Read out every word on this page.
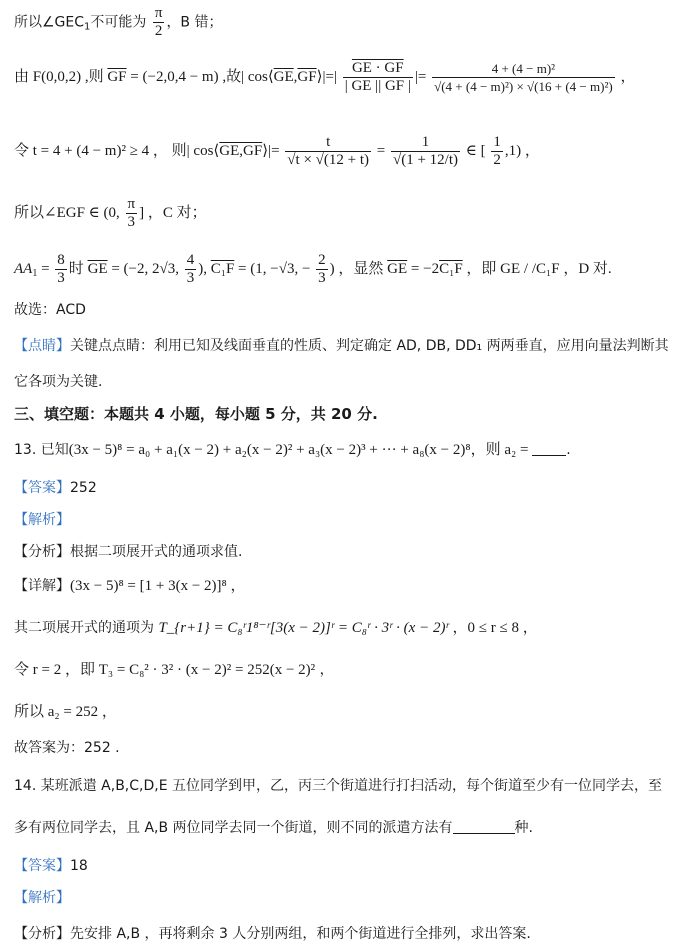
所以$\angle GEC_1$不可能为 $\frac{\pi}{2}$ ，B 错；
由 F(0,0,2) ,则 $\overline{GF} = (-2,0,4 - m)$ ,故| $\cos⟨\overline{GE},\overline{GF}⟩|=| \frac{GE \cdot GF}{| GE || GF |}$ |= $\frac{\text{4 + (4 − m)²}}{\text{√(4 + (4 − m)²) × √(16 + (4 − m)²)}}$ ，
令 t = 4 + (4 − m)² ≥ 4 ， 则| cos⟨GE,GF⟩|= $\frac{t}{√t \times √(12 + t)} = \frac{1}{√(1 + 12/t)}$ ∈ [ $\frac{1}{2} ,1$) ，
所以∠EGF ∈ (0, $\frac{\pi}{3}$ ] ，C 对；
$AA_1 = \frac{8}{3}$ 时 $\overline{GE} = (-2$, 2√3, $\frac{4}{3}$ ), C₁F = (1, −√3, − $\frac{2}{3}$ ) ，显然 $\overline{GE} = -2C_1F$ ，即 GE / /C₁F ，D 对.
故选：ACD
【点睛】关键点点睛：利用已知及线面垂直的性质、判定确定 AD, DB, DD₁ 两两垂直，应用向量法判断其
它各项为关键.
三、填空题：本题共 4 小题，每小题 5 分，共 20 分.
13. 已知(3x − 5)⁸ = a₀ + a₁(x − 2) + a₂(x − 2)² + a₃(x − 2)³ + ··· + a₈(x − 2)⁸，则 a₂ = .
【答案】252
【解析】
【分析】根据二项展开式的通项求值.
【详解】(3x − 5)⁸ = [1 + 3(x − 2)]⁸ ，
其二项展开式的通项为 T_{r+1} = C₈ʳ1⁸⁻ʳ[3(x − 2)]ʳ = C₈ʳ · 3ʳ · (x − 2)ʳ ，0 ≤ r ≤ 8 ，
令 r = 2 ，即 T₃ = C₈² · 3² · (x − 2)² = 252(x − 2)² ，
所以 a₂ = 252 ，
故答案为：252 .
14. 某班派遣 A,B,C,D,E 五位同学到甲，乙，丙三个街道进行打扫活动，每个街道至少有一位同学去，至
多有两位同学去，且 A,B 两位同学去同一个街道，则不同的派遣方法有	种.
【答案】18
【解析】
【分析】先安排 A,B ，再将剩余 3 人分别两组，和两个街道进行全排列，求出答案.
